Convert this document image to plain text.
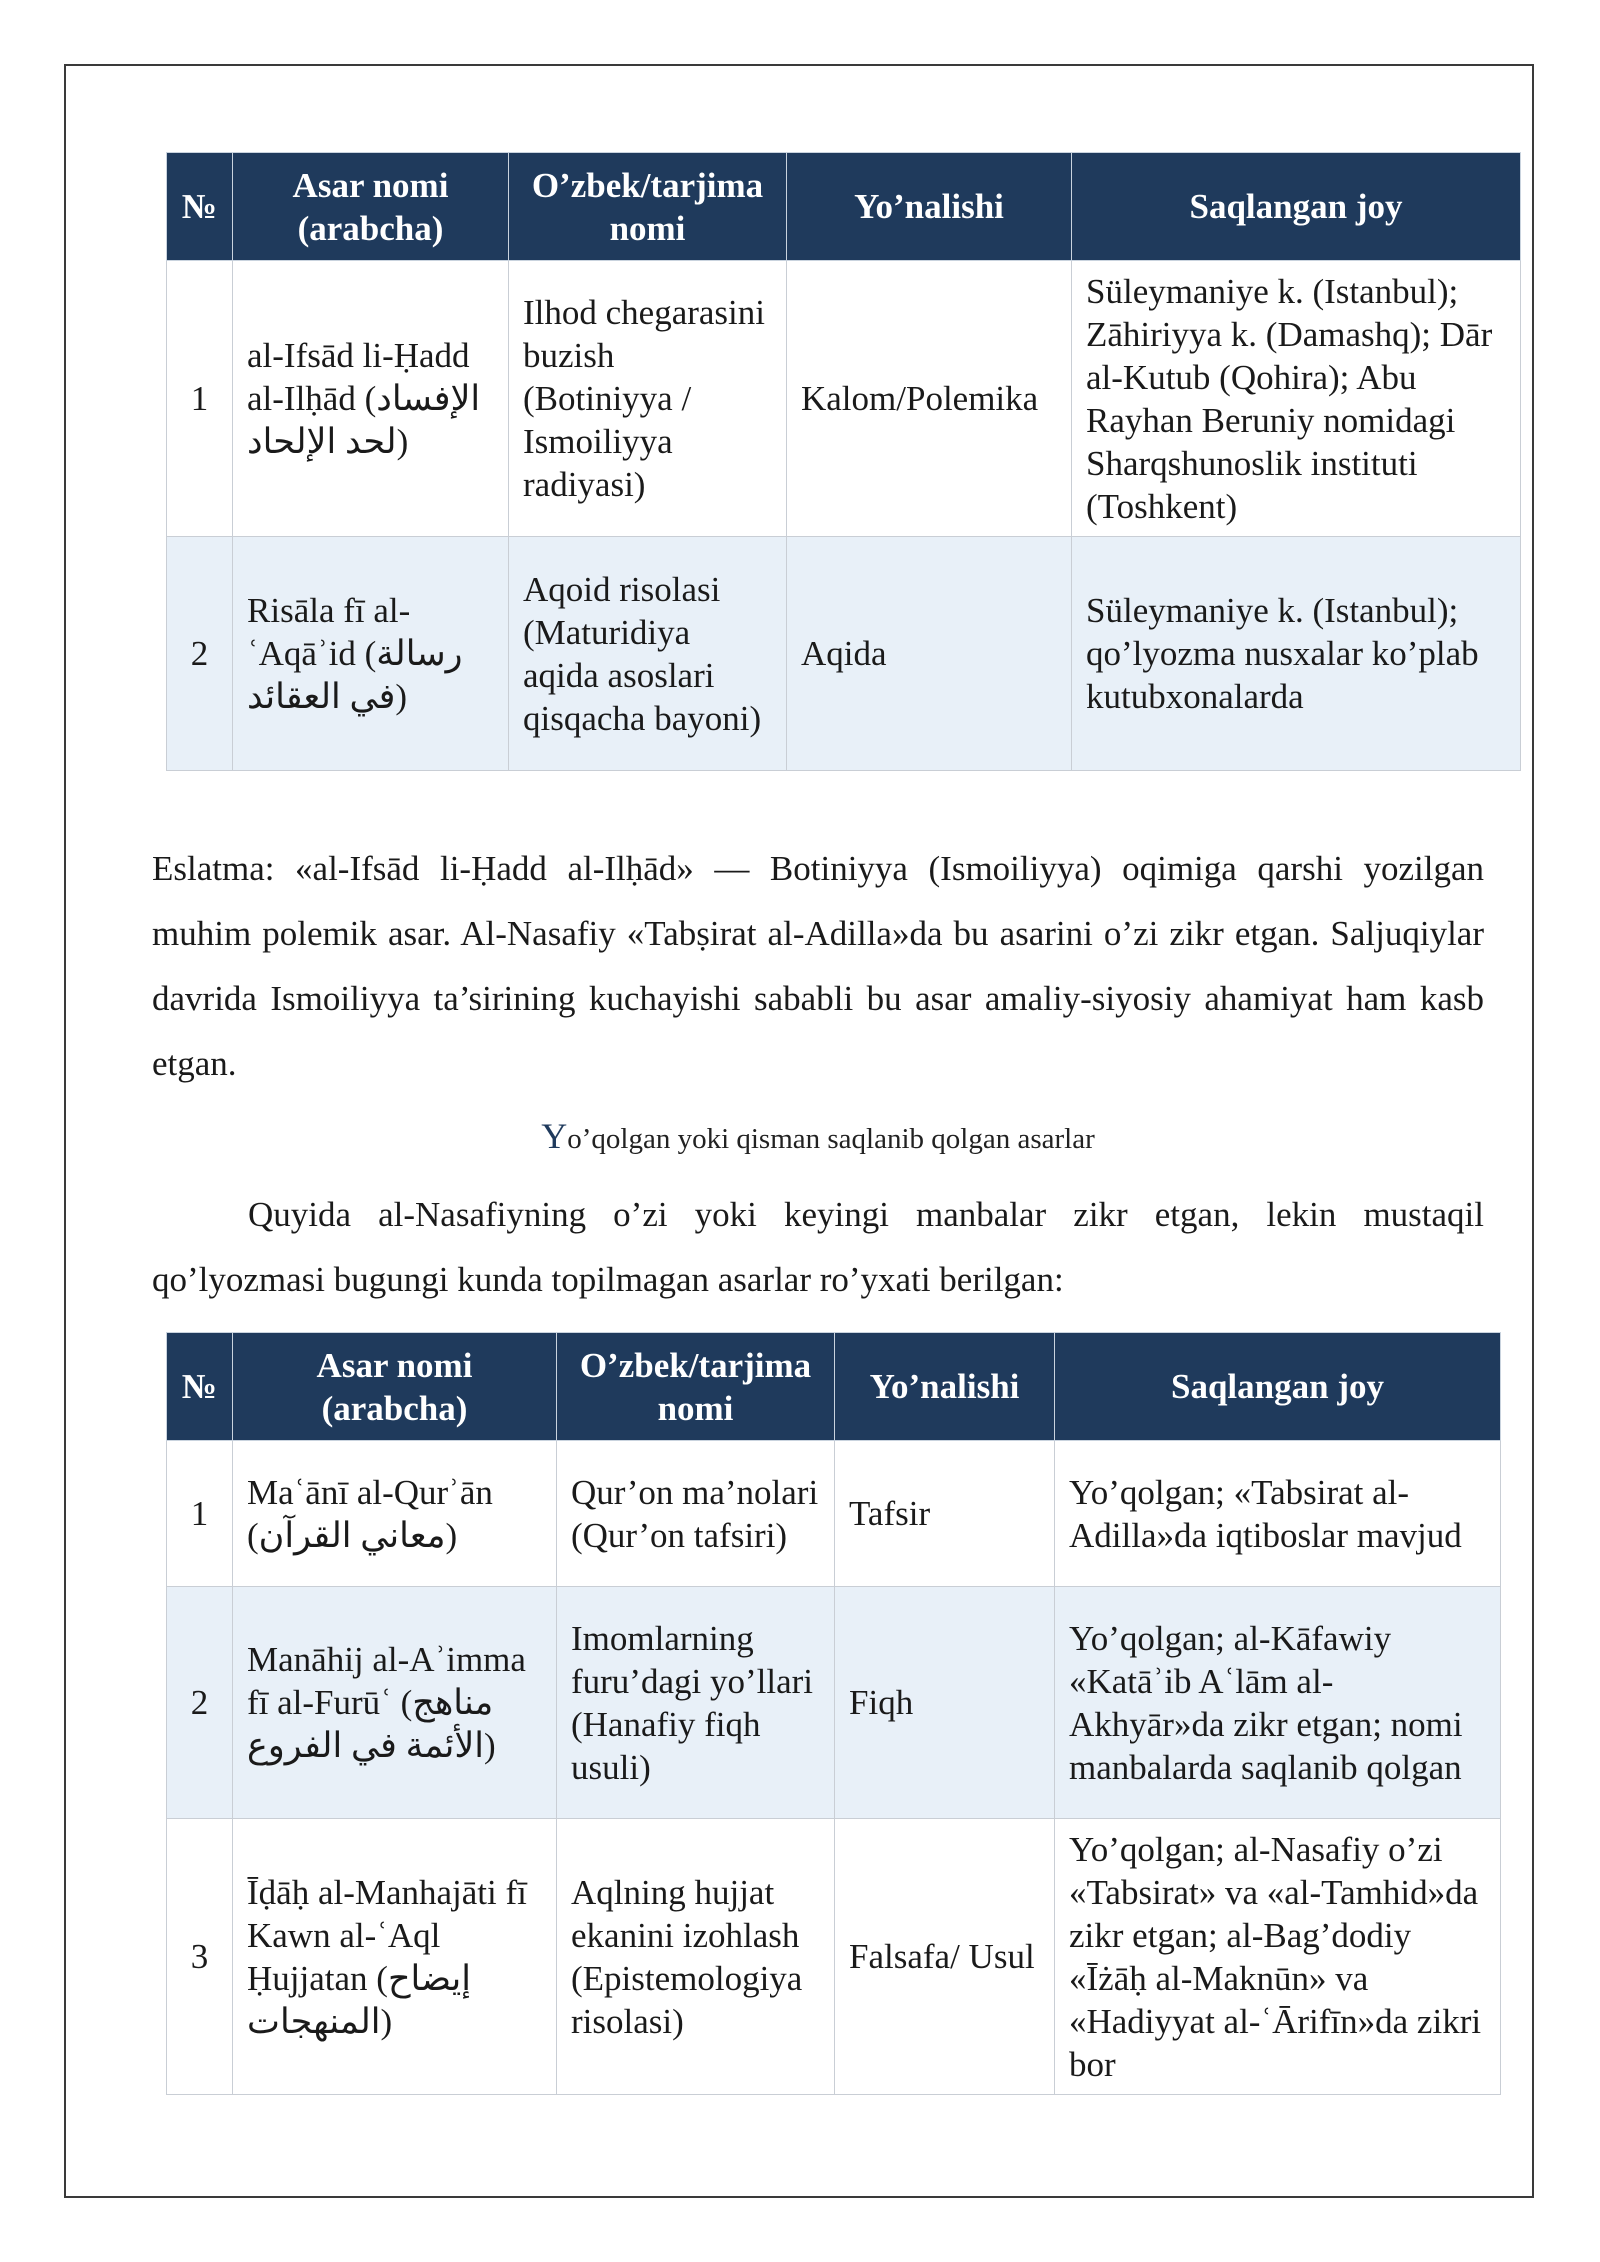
№	Asar nomi (arabcha)	O’zbek/tarjima nomi	Yo’nalishi	Saqlangan joy
1	al-Ifsād li-Ḥadd al-Ilḥād (الإفساد لحد الإلحاد)	Ilhod chegarasini buzish (Botiniyya / Ismoiliyya radiyasi)	Kalom/Polemika	Süleymaniye k. (Istanbul); Zāhiriyya k. (Damashq); Dār al-Kutub (Qohira); Abu Rayhan Beruniy nomidagi Sharqshunoslik instituti (Toshkent)
2	Risāla fī al-ʿAqāʾid (رسالة في العقائد)	Aqoid risolasi (Maturidiya aqida asoslari qisqacha bayoni)	Aqida	Süleymaniye k. (Istanbul); qo’lyozma nusxalar ko’plab kutubxonalarda

Eslatma: «al-Ifsād li-Ḥadd al-Ilḥād» — Botiniyya (Ismoiliyya) oqimiga qarshi yozilgan muhim polemik asar. Al-Nasafiy «Tabṣirat al-Adilla»da bu asarini o’zi zikr etgan. Saljuqiylar davrida Ismoiliyya ta’sirining kuchayishi sababli bu asar amaliy-siyosiy ahamiyat ham kasb etgan.

Yo’qolgan yoki qisman saqlanib qolgan asarlar

Quyida al-Nasafiyning o’zi yoki keyingi manbalar zikr etgan, lekin mustaqil qo’lyozmasi bugungi kunda topilmagan asarlar ro’yxati berilgan:

№	Asar nomi (arabcha)	O’zbek/tarjima nomi	Yo’nalishi	Saqlangan joy
1	Maʿānī al-Qurʾān (معاني القرآن)	Qur’on ma’nolari (Qur’on tafsiri)	Tafsir	Yo’qolgan; «Tabsirat al-Adilla»da iqtiboslar mavjud
2	Manāhij al-Aʾimma fī al-Furūʿ (مناهج الأئمة في الفروع)	Imomlarning furu’dagi yo’llari (Hanafiy fiqh usuli)	Fiqh	Yo’qolgan; al-Kāfawiy «Katāʾib Aʿlām al-Akhyār»da zikr etgan; nomi manbalarda saqlanib qolgan
3	Īḍāḥ al-Manhajāti fī Kawn al-ʿAql Ḥujjatan (إيضاح المنهجات)	Aqlning hujjat ekanini izohlash (Epistemologiya risolasi)	Falsafa/ Usul	Yo’qolgan; al-Nasafiy o’zi «Tabsirat» va «al-Tamhid»da zikr etgan; al-Bag’dodiy «Īżāḥ al-Maknūn» va «Hadiyyat al-ʿĀrifīn»da zikri bor
